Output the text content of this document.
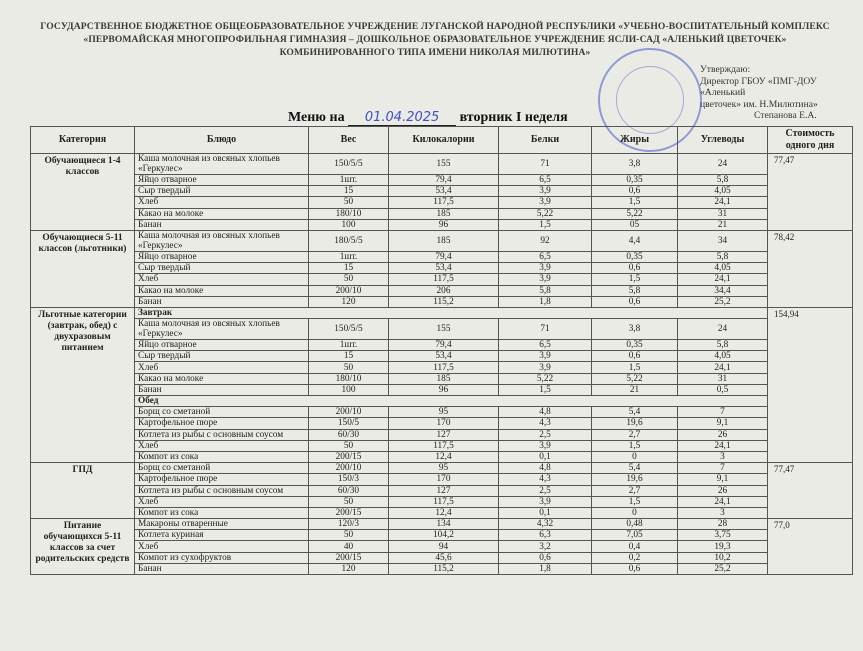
ГОСУДАРСТВЕННОЕ БЮДЖЕТНОЕ ОБЩЕОБРАЗОВАТЕЛЬНОЕ УЧРЕЖДЕНИЕ ЛУГАНСКОЙ НАРОДНОЙ РЕСПУБЛИКИ «УЧЕБНО-ВОСПИТАТЕЛЬНЫЙ КОМПЛЕКС
«ПЕРВОМАЙСКАЯ МНОГОПРОФИЛЬНАЯ ГИМНАЗИЯ – ДОШКОЛЬНОЕ ОБРАЗОВАТЕЛЬНОЕ УЧРЕЖДЕНИЕ ЯСЛИ-САД «АЛЕНЬКИЙ ЦВЕТОЧЕК»
КОМБИНИРОВАННОГО ТИПА ИМЕНИ НИКОЛАЯ МИЛЮТИНА»
Утверждаю:
Директор ГБОУ «ПМГ-ДОУ «Аленький
цветочек» им. Н.Милютина»
Степанова Е.А.
Меню на 01.04.2025 вторник I неделя
Категория	Блюдо	Вес	Килокалории	Белки	Жиры	Углеводы	Стоимость одного дня
Обучающиеся 1-4 классов	Каша молочная из овсяных хлопьев «Геркулес»	150/5/5	155	71	3,8	24	77,47
	Яйцо отварное	1шт.	79,4	6,5	0,35	5,8	
	Сыр твердый	15	53,4	3,9	0,6	4,05	
	Хлеб	50	117,5	3,9	1,5	24,1	
	Какао на молоке	180/10	185	5,22	5,22	31	
	Банан	100	96	1,5	05	21	
Обучающиеся 5-11 классов (льготники)	Каша молочная из овсяных хлопьев «Геркулес»	180/5/5	185	92	4,4	34	78,42
	Яйцо отварное	1шт.	79,4	6,5	0,35	5,8	
	Сыр твердый	15	53,4	3,9	0,6	4,05	
	Хлеб	50	117,5	3,9	1,5	24,1	
	Какао на молоке	200/10	206	5,8	5,8	34,4	
	Банан	120	115,2	1,8	0,6	25,2	
Льготные категории (завтрак, обед) с двухразовым питанием	Завтрак						154,94
	Каша молочная из овсяных хлопьев «Геркулес»	150/5/5	155	71	3,8	24	
	Яйцо отварное	1шт.	79,4	6,5	0,35	5,8	
	Сыр твердый	15	53,4	3,9	0,6	4,05	
	Хлеб	50	117,5	3,9	1,5	24,1	
	Какао на молоке	180/10	185	5,22	5,22	31	
	Банан	100	96	1,5	21	0,5	
	Обед						
	Борщ со сметаной	200/10	95	4,8	5,4	7	
	Картофельное пюре	150/5	170	4,3	19,6	9,1	
	Котлета из рыбы с основным соусом	60/30	127	2,5	2,7	26	
	Хлеб	50	117,5	3,9	1,5	24,1	
	Компот из сока	200/15	12,4	0,1	0	3	
ГПД	Борщ со сметаной	200/10	95	4,8	5,4	7	77,47
	Картофельное пюре	150/3	170	4,3	19,6	9,1	
	Котлета из рыбы с основным соусом	60/30	127	2,5	2,7	26	
	Хлеб	50	117,5	3,9	1,5	24,1	
	Компот из сока	200/15	12,4	0,1	0	3	
Питание обучающихся 5-11 классов за счет родительских средств	Макароны отваренные	120/3	134	4,32	0,48	28	77,0
	Котлета куриная	50	104,2	6,3	7,05	3,75	
	Хлеб	40	94	3,2	0,4	19,3	
	Компот из сухофруктов	200/15	45,6	0,6	0,2	10,2	
	Банан	120	115,2	1,8	0,6	25,2	
